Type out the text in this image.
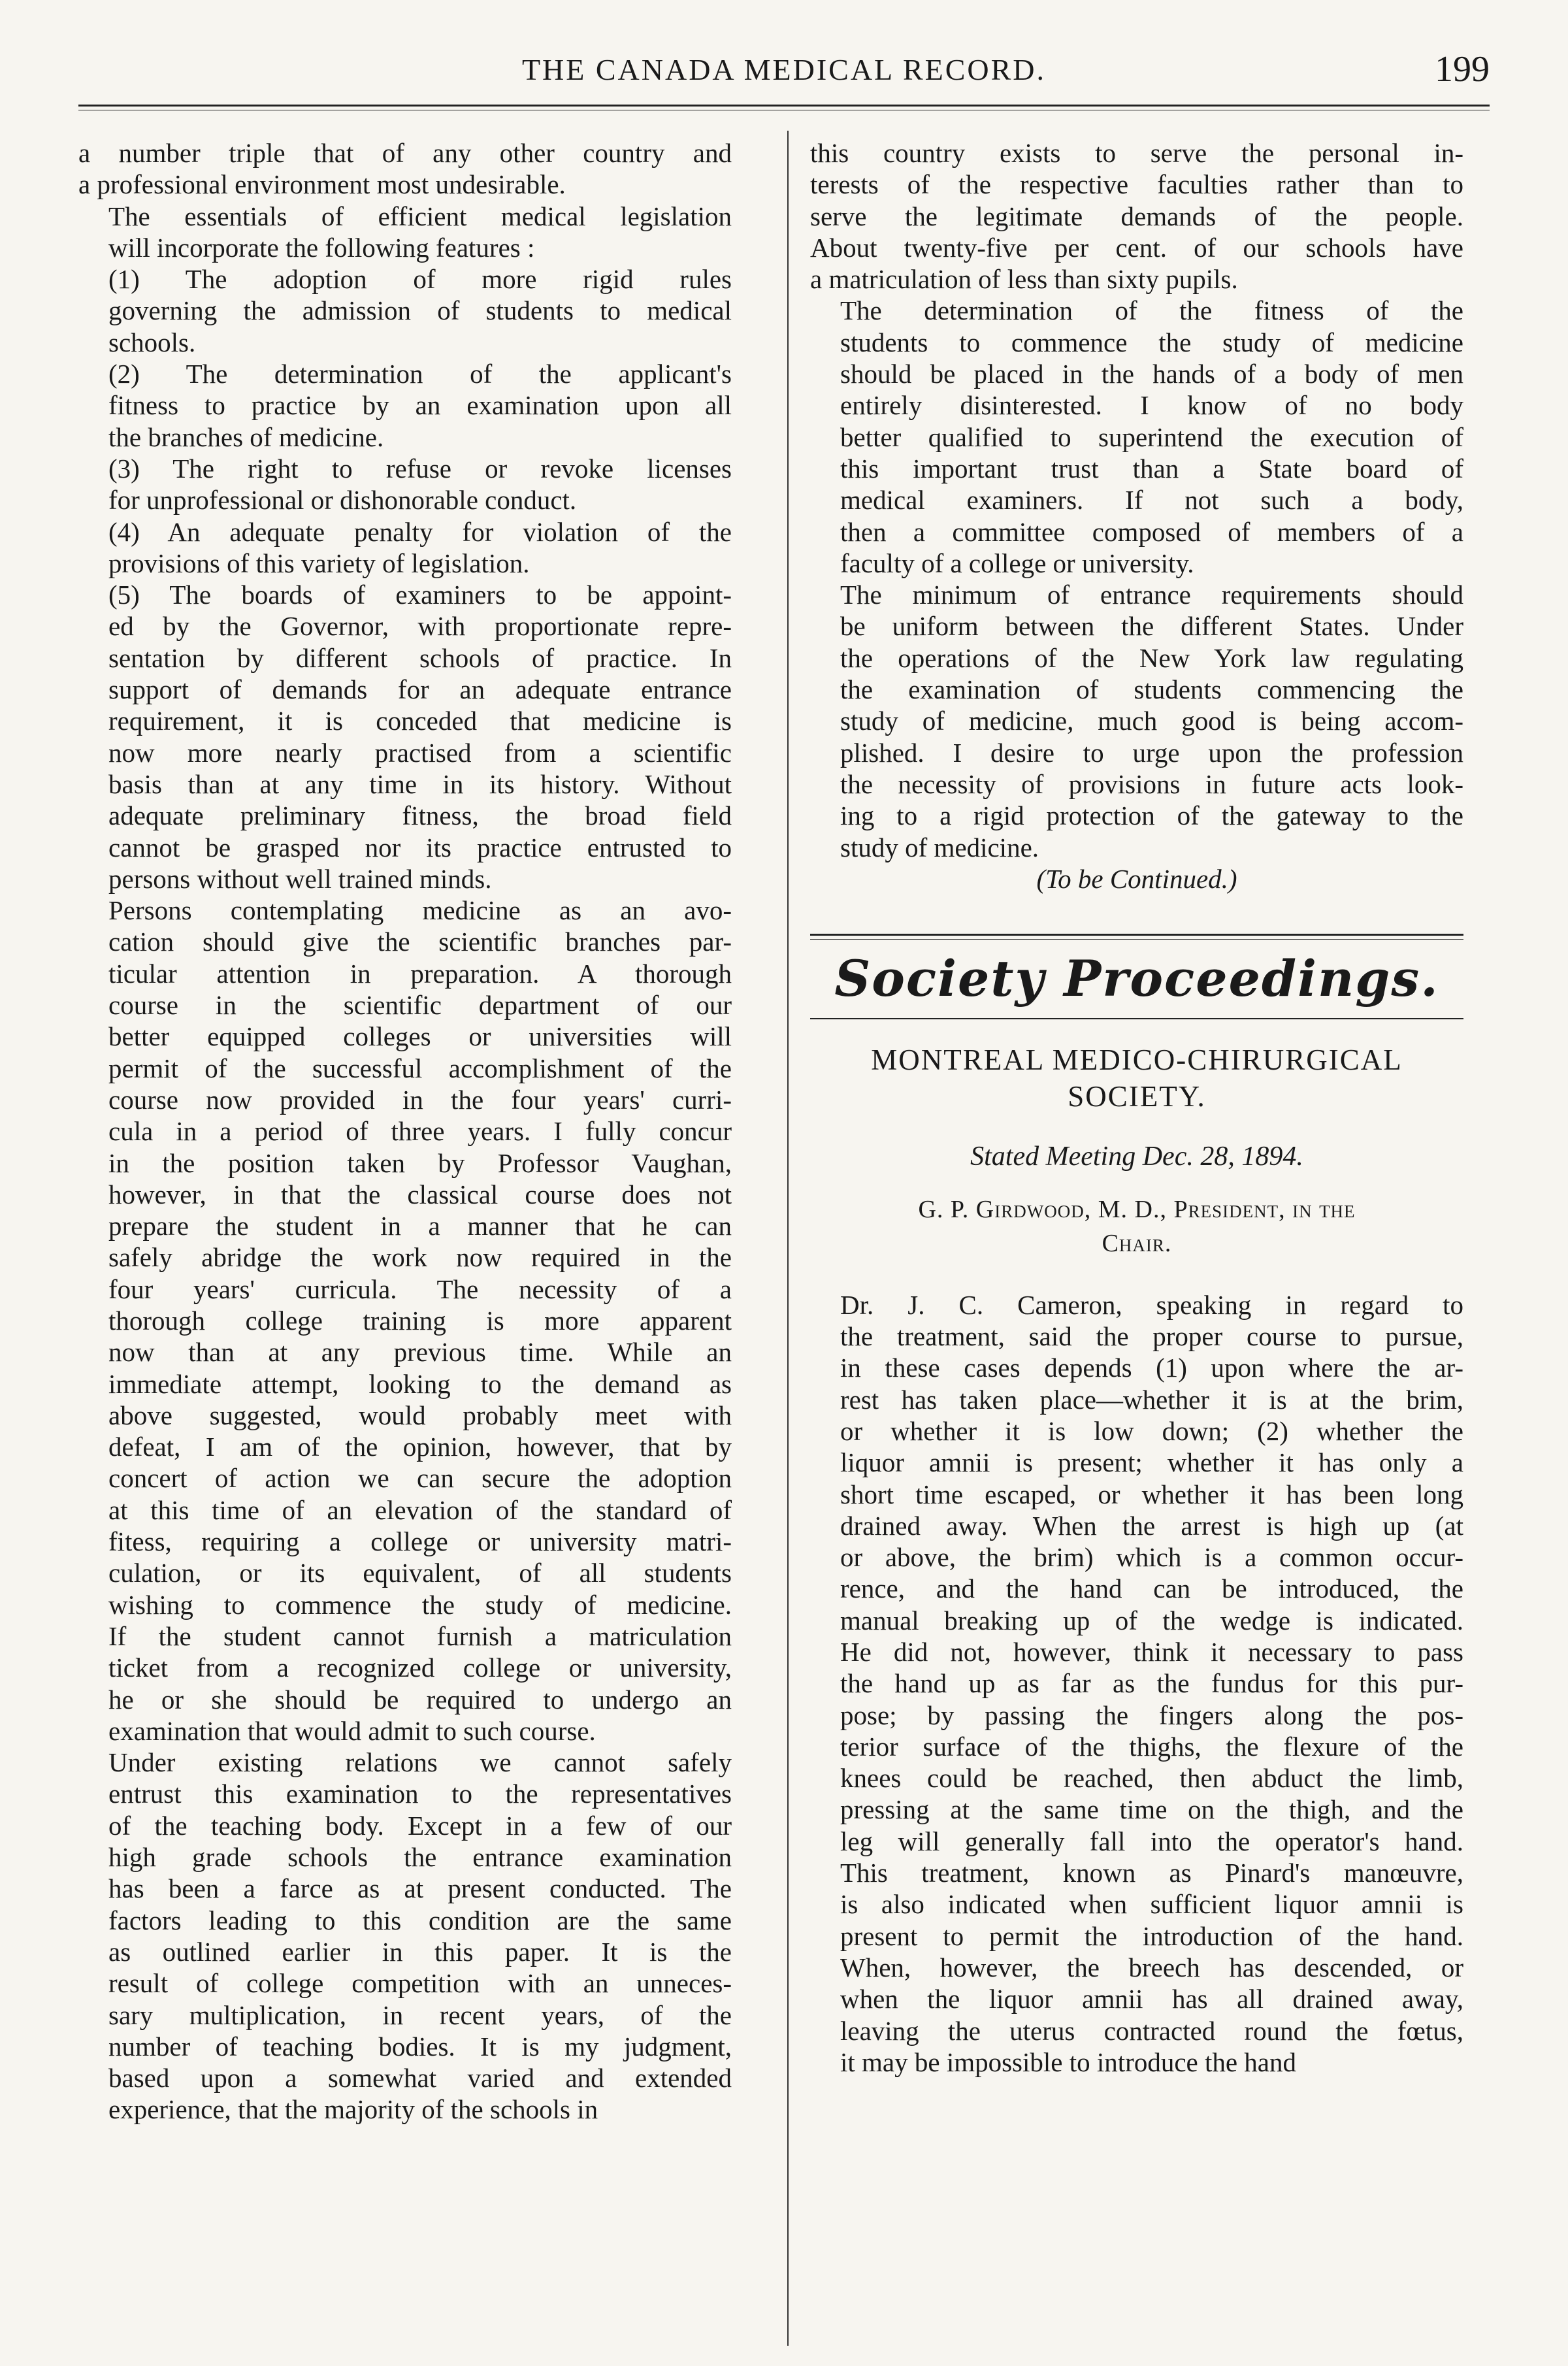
THE CANADA MEDICAL RECORD.	199

a number triple that of any other country and
a professional environment most undesirable.

The essentials of efficient medical legislation
will incorporate the following features :

(1) The adoption of more rigid rules
governing the admission of students to medical
schools.

(2) The determination of the applicant's
fitness to practice by an examination upon all
the branches of medicine.

(3) The right to refuse or revoke licenses
for unprofessional or dishonorable conduct.

(4) An adequate penalty for violation of the
provisions of this variety of legislation.

(5) The boards of examiners to be appoint-
ed by the Governor, with proportionate repre-
sentation by different schools of practice. In
support of demands for an adequate entrance
requirement, it is conceded that medicine is
now more nearly practised from a scientific
basis than at any time in its history. Without
adequate preliminary fitness, the broad field
cannot be grasped nor its practice entrusted to
persons without well trained minds.

Persons contemplating medicine as an avo-
cation should give the scientific branches par-
ticular attention in preparation. A thorough
course in the scientific department of our
better equipped colleges or universities will
permit of the successful accomplishment of the
course now provided in the four years' curri-
cula in a period of three years. I fully concur
in the position taken by Professor Vaughan,
however, in that the classical course does not
prepare the student in a manner that he can
safely abridge the work now required in the
four years' curricula. The necessity of a
thorough college training is more apparent
now than at any previous time. While an
immediate attempt, looking to the demand as
above suggested, would probably meet with
defeat, I am of the opinion, however, that by
concert of action we can secure the adoption
at this time of an elevation of the standard of
fitess, requiring a college or university matri-
culation, or its equivalent, of all students
wishing to commence the study of medicine.
If the student cannot furnish a matriculation
ticket from a recognized college or university,
he or she should be required to undergo an
examination that would admit to such course.

Under existing relations we cannot safely
entrust this examination to the representatives
of the teaching body. Except in a few of our
high grade schools the entrance examination
has been a farce as at present conducted. The
factors leading to this condition are the same
as outlined earlier in this paper. It is the
result of college competition with an unneces-
sary multiplication, in recent years, of the
number of teaching bodies. It is my judgment,
based upon a somewhat varied and extended
experience, that the majority of the schools in

this country exists to serve the personal in-
terests of the respective faculties rather than to
serve the legitimate demands of the people.
About twenty-five per cent. of our schools have
a matriculation of less than sixty pupils.

The determination of the fitness of the
students to commence the study of medicine
should be placed in the hands of a body of men
entirely disinterested. I know of no body
better qualified to superintend the execution of
this important trust than a State board of
medical examiners. If not such a body,
then a committee composed of members of a
faculty of a college or university.

The minimum of entrance requirements should
be uniform between the different States. Under
the operations of the New York law regulating
the examination of students commencing the
study of medicine, much good is being accom-
plished. I desire to urge upon the profession
the necessity of provisions in future acts look-
ing to a rigid protection of the gateway to the
study of medicine.

(To be Continued.)

Society Proceedings.
MONTREAL MEDICO-CHIRURGICAL
SOCIETY.
Stated Meeting Dec. 28, 1894.
G. P. Girdwood, M. D., President, in the
Chair.

Dr. J. C. Cameron, speaking in regard to
the treatment, said the proper course to pursue,
in these cases depends (1) upon where the ar-
rest has taken place—whether it is at the brim,
or whether it is low down; (2) whether the
liquor amnii is present; whether it has only a
short time escaped, or whether it has been long
drained away. When the arrest is high up (at
or above, the brim) which is a common occur-
rence, and the hand can be introduced, the
manual breaking up of the wedge is indicated.
He did not, however, think it necessary to pass
the hand up as far as the fundus for this pur-
pose; by passing the fingers along the pos-
terior surface of the thighs, the flexure of the
knees could be reached, then abduct the limb,
pressing at the same time on the thigh, and the
leg will generally fall into the operator's hand.
This treatment, known as Pinard's manœuvre,
is also indicated when sufficient liquor amnii is
present to permit the introduction of the hand.
When, however, the breech has descended, or
when the liquor amnii has all drained away,
leaving the uterus contracted round the fœtus,
it may be impossible to introduce the hand
